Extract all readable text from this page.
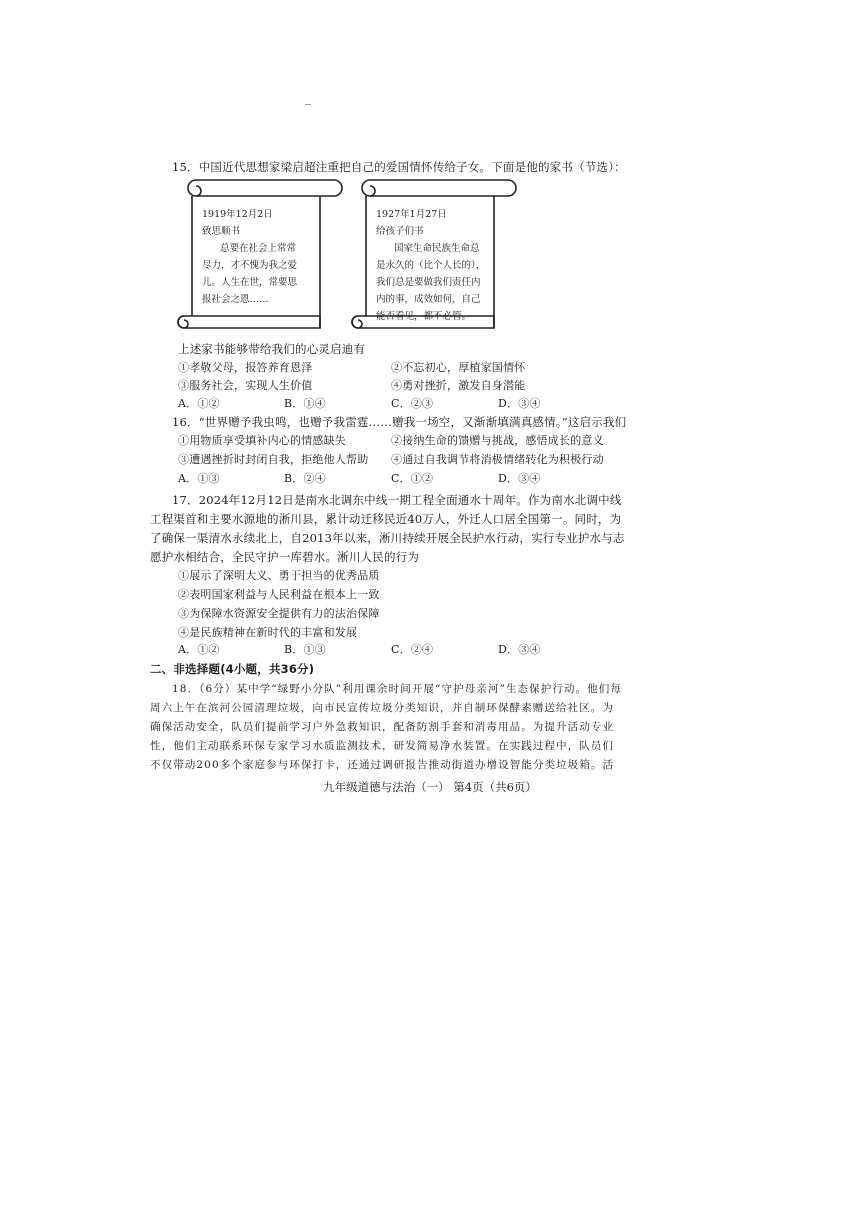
15．中国近代思想家梁启超注重把自己的爱国情怀传给子女。下面是他的家书（节选）：
1919年12月2日
致思顺书
总要在社会上常常
尽力，才不愧为我之爱
儿。人生在世，常要思
报社会之恩……
1927年1月27日
给孩子们书
国家生命民族生命总
是永久的（比个人长的），
我们总是要做我们责任内
内的事，成效如何，自己
能否看见，都不必管。
上述家书能够带给我们的心灵启迪有
①孝敬父母，报答养育恩泽	②不忘初心，厚植家国情怀
③服务社会，实现人生价值	④勇对挫折，激发自身潜能
A．①②	B．①④	C．②③	D．③④
16．“世界赠予我虫鸣，也赠予我雷霆……赠我一场空，又渐渐填满真感情。”这启示我们
①用物质享受填补内心的情感缺失	②接纳生命的馈赠与挑战，感悟成长的意义
③遭遇挫折时封闭自我，拒绝他人帮助 ④通过自我调节将消极情绪转化为积极行动
A．①③	B．②④	C．①②	D．③④
17．2024年12月12日是南水北调东中线一期工程全面通水十周年。作为南水北调中线
工程渠首和主要水源地的淅川县，累计动迁移民近40万人，外迁人口居全国第一。同时，为
了确保一渠清水永续北上，自2013年以来，淅川持续开展全民护水行动，实行专业护水与志
愿护水相结合，全民守护一库碧水。淅川人民的行为
①展示了深明大义、勇于担当的优秀品质
②表明国家利益与人民利益在根本上一致
③为保障水资源安全提供有力的法治保障
④是民族精神在新时代的丰富和发展
A．①②	B．①③	C．②④	D．③④
二、非选择题(4小题，共36分)
18．（6分）某中学“绿野小分队”利用课余时间开展“守护母亲河”生态保护行动。他们每
周六上午在滨河公园清理垃圾，向市民宣传垃圾分类知识，并自制环保酵素赠送给社区。为
确保活动安全，队员们提前学习户外急救知识，配备防割手套和消毒用品。为提升活动专业
性，他们主动联系环保专家学习水质监测技术，研发简易净水装置。在实践过程中，队员们
不仅带动200多个家庭参与环保打卡，还通过调研报告推动街道办增设智能分类垃圾箱。活
九年级道德与法治（一） 第4页（共6页）
